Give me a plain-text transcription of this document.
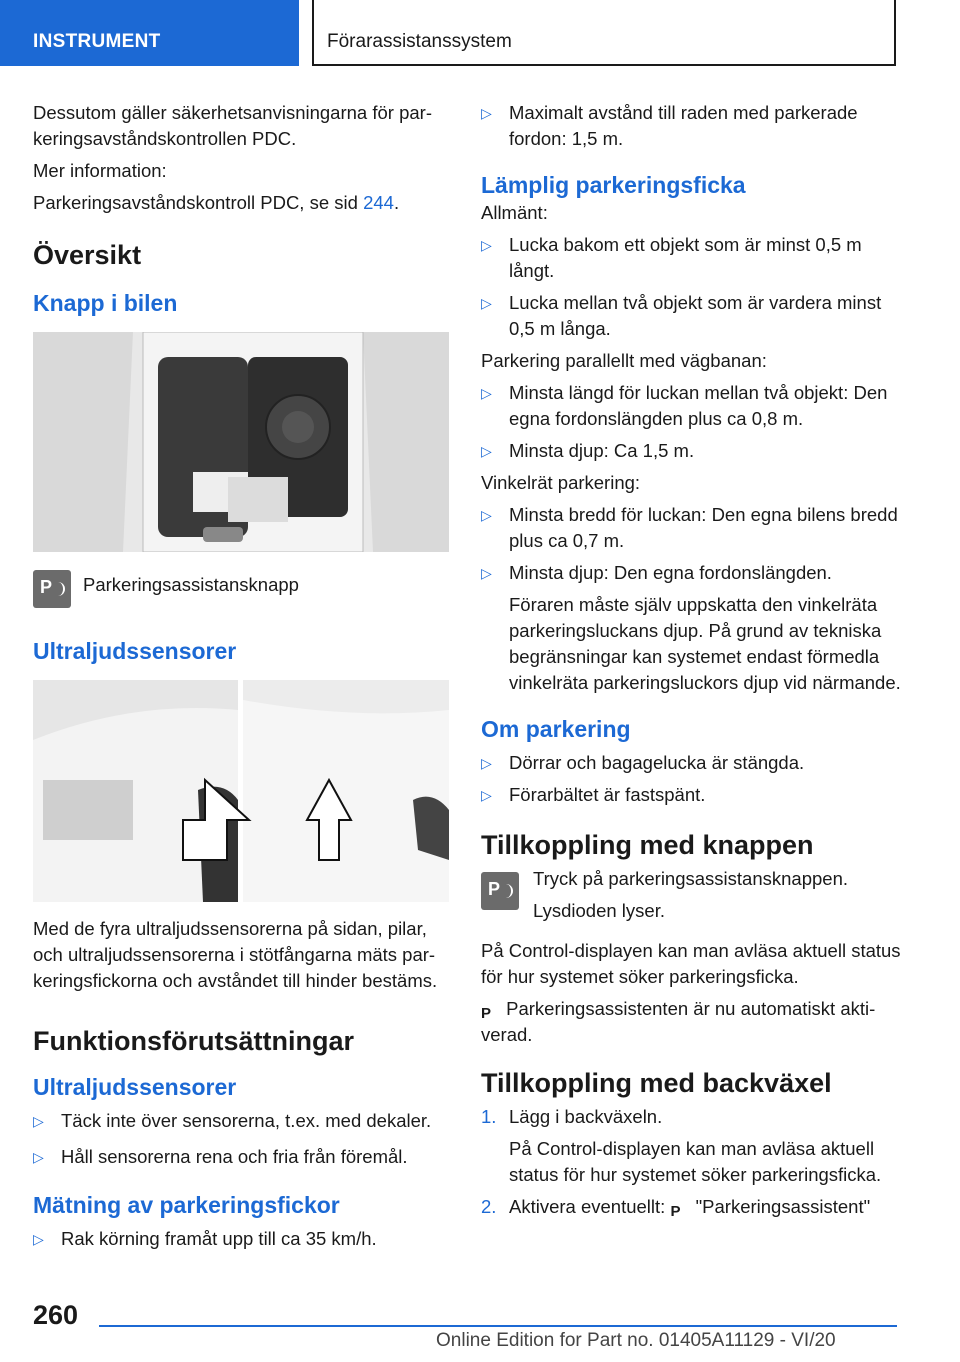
INSTRUMENT	Förarassistanssystem

Dessutom gäller säkerhetsanvisningarna för parkeringsavståndskontrollen PDC.

Mer information:

Parkeringsavståndskontroll PDC, se sid 244.

Översikt
Knapp i bilen
P Parkeringsassistansknapp

Ultraljudssensorer

Med de fyra ultraljudssensorerna på sidan, pilar, och ultraljudssensorerna i stötfångarna mäts parkeringsfickorna och avståndet till hinder bestäms.

Funktionsförutsättningar
Ultraljudssensorer
▷ Täck inte över sensorerna, t.ex. med dekaler.
▷ Håll sensorerna rena och fria från föremål.
Mätning av parkeringsfickor
▷ Rak körning framåt upp till ca 35 km/h.
▷ Maximalt avstånd till raden med parkerade fordon: 1,5 m.
Lämplig parkeringsficka

Allmänt:

▷ Lucka bakom ett objekt som är minst 0,5 m långt.
▷ Lucka mellan två objekt som är vardera minst 0,5 m långa.

Parkering parallellt med vägbanan:

▷ Minsta längd för luckan mellan två objekt: Den egna fordonslängden plus ca 0,8 m.
▷ Minsta djup: Ca 1,5 m.

Vinkelrät parkering:

▷ Minsta bredd för luckan: Den egna bilens bredd plus ca 0,7 m.
▷ Minsta djup: Den egna fordonslängden.

Föraren måste själv uppskatta den vinkelräta parkeringsluckans djup. På grund av tekniska begränsningar kan systemet endast förmedla vinkelräta parkeringsluckors djup vid närmande.

Om parkering
▷ Dörrar och bagagelucka är stängda.
▷ Förarbältet är fastspänt.
Tillkoppling med knappen
P Tryck på parkeringsassistansknappen.

Lysdioden lyser.

På Control-displayen kan man avläsa aktuell status för hur systemet söker parkeringsficka.

P Parkeringsassistenten är nu automatiskt aktiverad.

Tillkoppling med backväxel
1. Lägg i backväxeln.

På Control-displayen kan man avläsa aktuell status för hur systemet söker parkeringsficka.

2. Aktivera eventuellt: P "Parkeringsassistent"
260
Online Edition for Part no. 01405A11129 - VI/20
